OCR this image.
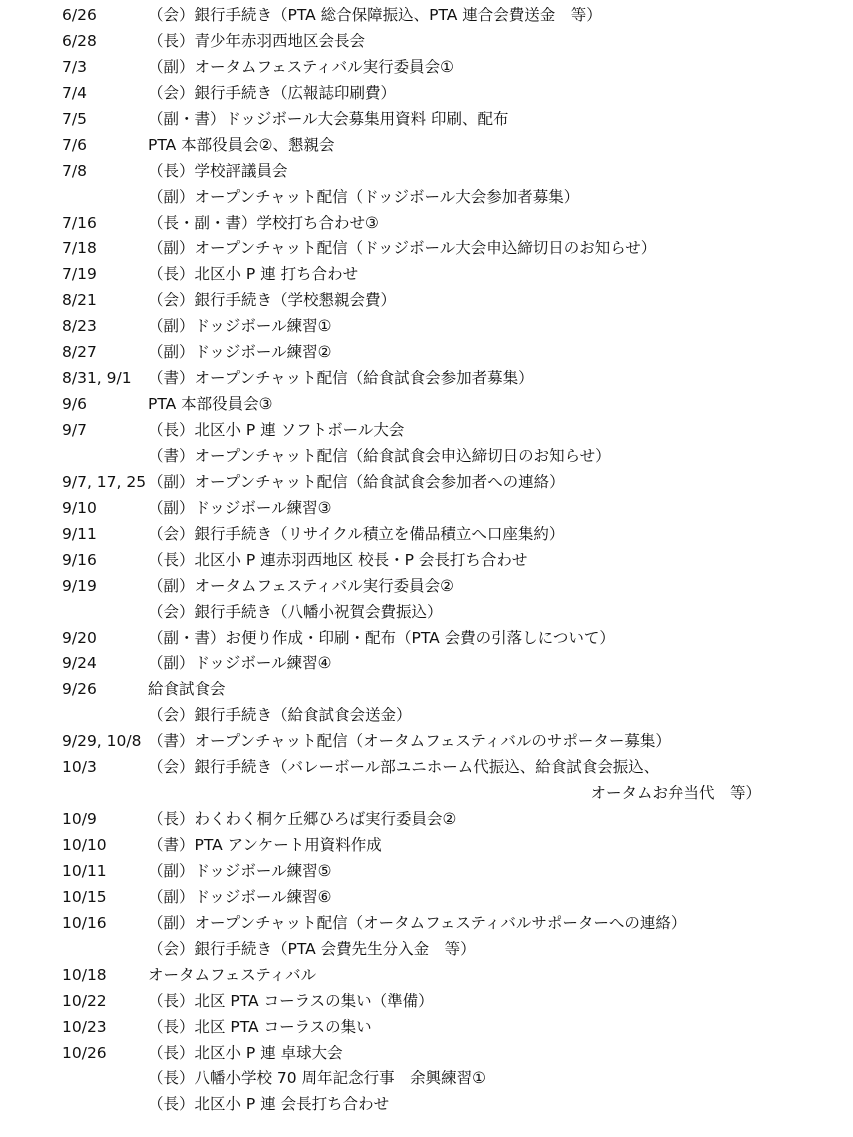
6/26	（会）銀行手続き（PTA 総合保障振込、PTA 連合会費送金　等）
6/28	（長）青少年赤羽西地区会長会
7/3	（副）オータムフェスティバル実行委員会①
7/4	（会）銀行手続き（広報誌印刷費）
7/5	（副・書）ドッジボール大会募集用資料 印刷、配布
7/6	PTA 本部役員会②、懇親会
7/8	（長）学校評議員会
（副）オープンチャット配信（ドッジボール大会参加者募集）
7/16	（長・副・書）学校打ち合わせ③
7/18	（副）オープンチャット配信（ドッジボール大会申込締切日のお知らせ）
7/19	（長）北区小 P 連 打ち合わせ
8/21	（会）銀行手続き（学校懇親会費）
8/23	（副）ドッジボール練習①
8/27	（副）ドッジボール練習②
8/31, 9/1 （書）オープンチャット配信（給食試食会参加者募集）
9/6	PTA 本部役員会③
9/7	（長）北区小 P 連 ソフトボール大会
（書）オープンチャット配信（給食試食会申込締切日のお知らせ）
9/7, 17, 25 （副）オープンチャット配信（給食試食会参加者への連絡）
9/10	（副）ドッジボール練習③
9/11	（会）銀行手続き（リサイクル積立を備品積立へ口座集約）
9/16	（長）北区小 P 連赤羽西地区 校長・P 会長打ち合わせ
9/19	（副）オータムフェスティバル実行委員会②
（会）銀行手続き（八幡小祝賀会費振込）
9/20	（副・書）お便り作成・印刷・配布（PTA 会費の引落しについて）
9/24	（副）ドッジボール練習④
9/26	給食試食会
（会）銀行手続き（給食試食会送金）
9/29, 10/8 （書）オープンチャット配信（オータムフェスティバルのサポーター募集）
10/3	（会）銀行手続き（バレーボール部ユニホーム代振込、給食試食会振込、
オータムお弁当代　等）
10/9	（長）わくわく桐ケ丘郷ひろば実行委員会②
10/10	（書）PTA アンケート用資料作成
10/11	（副）ドッジボール練習⑤
10/15	（副）ドッジボール練習⑥
10/16	（副）オープンチャット配信（オータムフェスティバルサポーターへの連絡）
（会）銀行手続き（PTA 会費先生分入金　等）
10/18	オータムフェスティバル
10/22	（長）北区 PTA コーラスの集い（準備）
10/23	（長）北区 PTA コーラスの集い
10/26	（長）北区小 P 連 卓球大会
（長）八幡小学校 70 周年記念行事　余興練習①
（長）北区小 P 連 会長打ち合わせ
